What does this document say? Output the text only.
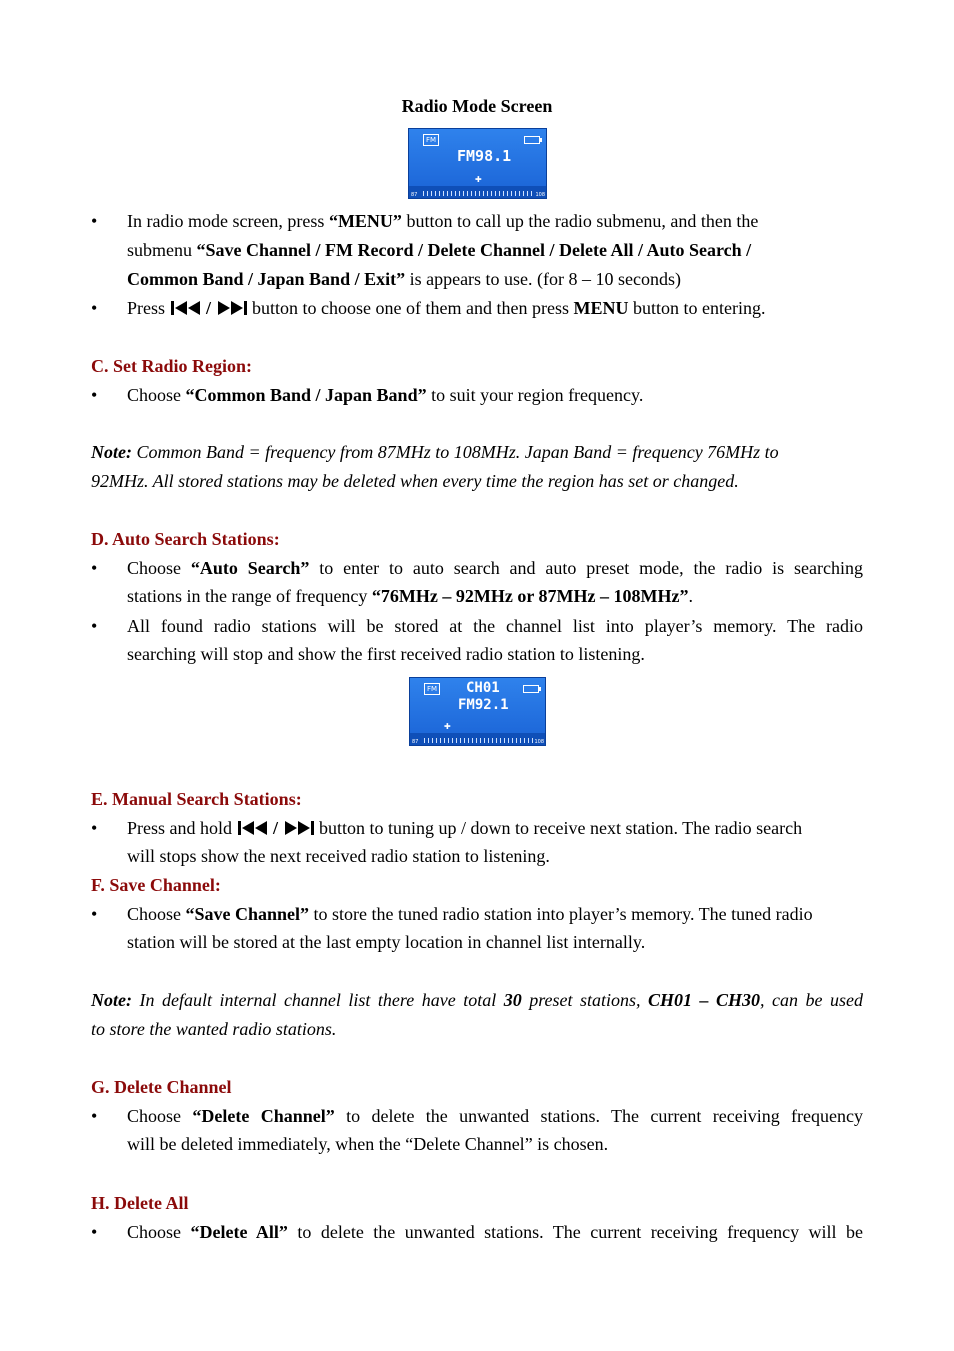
Radio Mode Screen
FM
FM98.1
✚
87	108
•	In radio mode screen, press “MENU” button to call up the radio submenu, and then the
submenu “Save Channel / FM Record / Delete Channel / Delete All / Auto Search /
Common Band / Japan Band / Exit” is appears to use. (for 8 – 10 seconds)
•	Press  /  button to choose one of them and then press MENU button to entering.
C. Set Radio Region:
•	Choose “Common Band / Japan Band” to suit your region frequency.
Note: Common Band = frequency from 87MHz to 108MHz. Japan Band = frequency 76MHz to
92MHz. All stored stations may be deleted when every time the region has set or changed.
D. Auto Search Stations:
•	Choose “Auto Search” to enter to auto search and auto preset mode, the radio is searching
stations in the range of frequency “76MHz – 92MHz or 87MHz – 108MHz”.
•	All found radio stations will be stored at the channel list into player’s memory. The radio
searching will stop and show the first received radio station to listening.
FM CH01
FM92.1
✚
87	108
E. Manual Search Stations:
•	Press and hold  /  button to tuning up / down to receive next station. The radio search
will stops show the next received radio station to listening.
F. Save Channel:
•	Choose “Save Channel” to store the tuned radio station into player’s memory. The tuned radio
station will be stored at the last empty location in channel list internally.
Note: In default internal channel list there have total 30 preset stations, CH01 – CH30, can be used
to store the wanted radio stations.
G. Delete Channel
•	Choose “Delete Channel” to delete the unwanted stations. The current receiving frequency
will be deleted immediately, when the “Delete Channel” is chosen.
H. Delete All
•	Choose “Delete All” to delete the unwanted stations. The current receiving frequency will be
